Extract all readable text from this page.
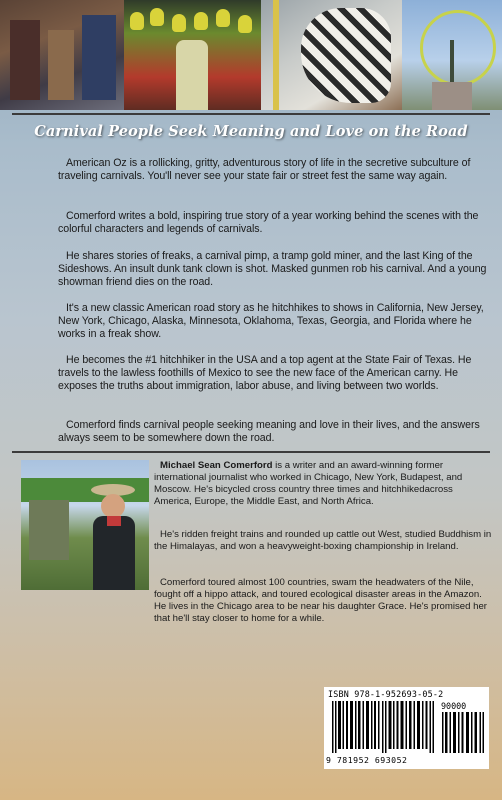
Carnival People Seek Meaning and Love on the Road

American Oz is a rollicking, gritty, adventurous story of life in the secretive subculture of traveling carnivals. You'll never see your state fair or street fest the same way again.

Comerford writes a bold, inspiring true story of a year working behind the scenes with the colorful characters and legends of carnivals.

He shares stories of freaks, a carnival pimp, a tramp gold miner, and the last King of the Sideshows. An insult dunk tank clown is shot. Masked gunmen rob his carnival. And a young showman friend dies on the road.

It's a new classic American road story as he hitchhikes to shows in California, New Jersey, New York, Chicago, Alaska, Minnesota, Oklahoma, Texas, Georgia, and Florida where he works in a freak show.

He becomes the #1 hitchhiker in the USA and a top agent at the State Fair of Texas. He travels to the lawless foothills of Mexico to see the new face of the American carny. He exposes the truths about immigration, labor abuse, and living between two worlds.

Comerford finds carnival people seeking meaning and love in their lives, and the answers always seem to be somewhere down the road.

Michael Sean Comerford is a writer and an award-winning former international journalist who worked in Chicago, New York, Budapest, and Moscow. He's bicycled cross country three times and hitchhikedacross America, Europe, the Middle East, and North Africa.

He's ridden freight trains and rounded up cattle out West, studied Buddhism in the Himalayas, and won a heavyweight-boxing championship in Ireland.

Comerford toured almost 100 countries, swam the headwaters of the Nile, fought off a hippo attack, and toured ecological disaster areas in the Amazon. He lives in the Chicago area to be near his daughter Grace. He's promised her that he'll stay closer to home for a while.

ISBN 978-1-952693-05-2
90000
9 781952 693052
